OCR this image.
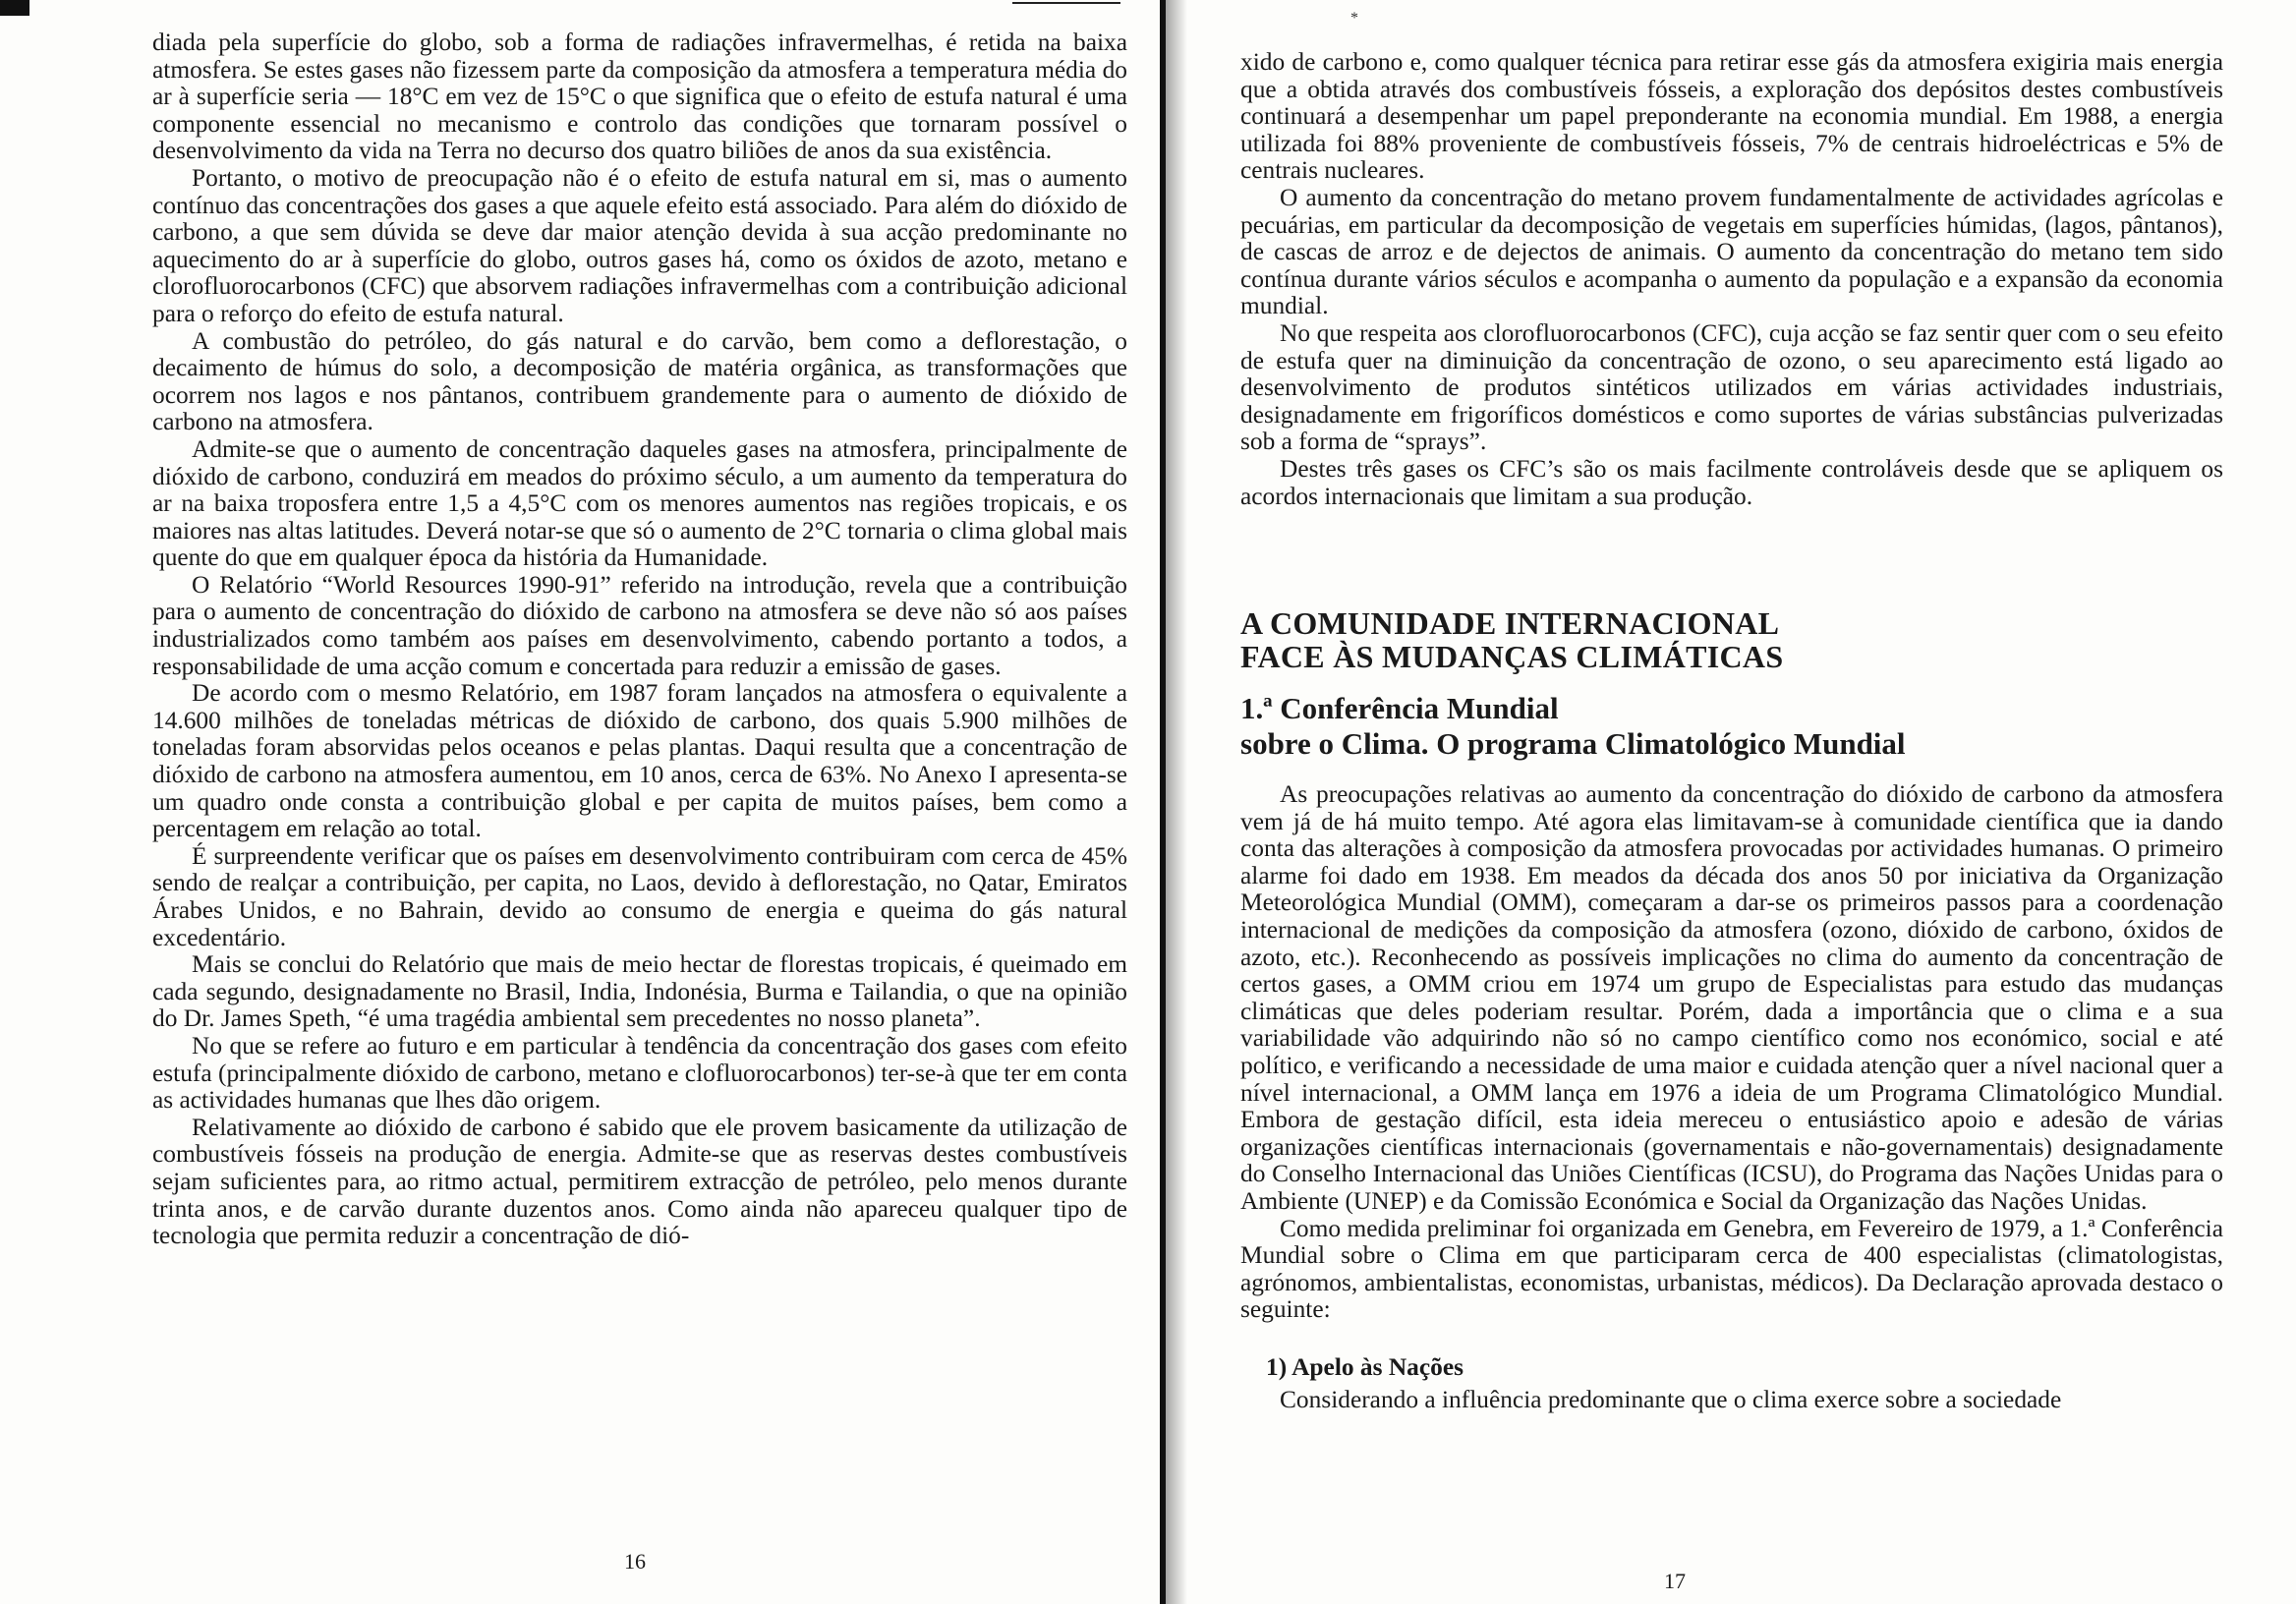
*

diada pela superfície do globo, sob a forma de radiações infravermelhas, é retida na baixa atmosfera. Se estes gases não fizessem parte da composição da atmosfera a temperatura média do ar à superfície seria — 18°C em vez de 15°C o que significa que o efeito de estufa natural é uma componente essencial no mecanismo e controlo das condições que tornaram possível o desenvolvimento da vida na Terra no decurso dos quatro biliões de anos da sua existência.

Portanto, o motivo de preocupação não é o efeito de estufa natural em si, mas o aumento contínuo das concentrações dos gases a que aquele efeito está associado. Para além do dióxido de carbono, a que sem dúvida se deve dar maior atenção devida à sua acção predominante no aquecimento do ar à superfície do globo, outros gases há, como os óxidos de azoto, metano e clorofluorocarbonos (CFC) que absorvem radiações infravermelhas com a contribuição adicional para o reforço do efeito de estufa natural.

A combustão do petróleo, do gás natural e do carvão, bem como a deflorestação, o decaimento de húmus do solo, a decomposição de matéria orgânica, as transformações que ocorrem nos lagos e nos pântanos, contribuem grandemente para o aumento de dióxido de carbono na atmosfera.

Admite-se que o aumento de concentração daqueles gases na atmosfera, principalmente de dióxido de carbono, conduzirá em meados do próximo século, a um aumento da temperatura do ar na baixa troposfera entre 1,5 a 4,5°C com os menores aumentos nas regiões tropicais, e os maiores nas altas latitudes. Deverá notar-se que só o aumento de 2°C tornaria o clima global mais quente do que em qualquer época da história da Humanidade.

O Relatório “World Resources 1990-91” referido na introdução, revela que a contribuição para o aumento de concentração do dióxido de carbono na atmosfera se deve não só aos países industrializados como também aos países em desenvolvimento, cabendo portanto a todos, a responsabilidade de uma acção comum e concertada para reduzir a emissão de gases.

De acordo com o mesmo Relatório, em 1987 foram lançados na atmosfera o equivalente a 14.600 milhões de toneladas métricas de dióxido de carbono, dos quais 5.900 milhões de toneladas foram absorvidas pelos oceanos e pelas plantas. Daqui resulta que a concentração de dióxido de carbono na atmosfera aumentou, em 10 anos, cerca de 63%. No Anexo I apresenta-se um quadro onde consta a contribuição global e per capita de muitos países, bem como a percentagem em relação ao total.

É surpreendente verificar que os países em desenvolvimento contribuiram com cerca de 45% sendo de realçar a contribuição, per capita, no Laos, devido à deflorestação, no Qatar, Emiratos Árabes Unidos, e no Bahrain, devido ao consumo de energia e queima do gás natural excedentário.

Mais se conclui do Relatório que mais de meio hectar de florestas tropicais, é queimado em cada segundo, designadamente no Brasil, India, Indonésia, Burma e Tailandia, o que na opinião do Dr. James Speth, “é uma tragédia ambiental sem precedentes no nosso planeta”.

No que se refere ao futuro e em particular à tendência da concentração dos gases com efeito estufa (principalmente dióxido de carbono, metano e clofluorocarbonos) ter-se-à que ter em conta as actividades humanas que lhes dão origem.

Relativamente ao dióxido de carbono é sabido que ele provem basicamente da utilização de combustíveis fósseis na produção de energia. Admite-se que as reservas destes combustíveis sejam suficientes para, ao ritmo actual, permitirem extracção de petróleo, pelo menos durante trinta anos, e de carvão durante duzentos anos. Como ainda não apareceu qualquer tipo de tecnologia que permita reduzir a concentração de dió-

16

xido de carbono e, como qualquer técnica para retirar esse gás da atmosfera exigiria mais energia que a obtida através dos combustíveis fósseis, a exploração dos depósitos destes combustíveis continuará a desempenhar um papel preponderante na economia mundial. Em 1988, a energia utilizada foi 88% proveniente de combustíveis fósseis, 7% de centrais hidroeléctricas e 5% de centrais nucleares.

O aumento da concentração do metano provem fundamentalmente de actividades agrícolas e pecuárias, em particular da decomposição de vegetais em superfícies húmidas, (lagos, pântanos), de cascas de arroz e de dejectos de animais. O aumento da concentração do metano tem sido contínua durante vários séculos e acompanha o aumento da população e a expansão da economia mundial.

No que respeita aos clorofluorocarbonos (CFC), cuja acção se faz sentir quer com o seu efeito de estufa quer na diminuição da concentração de ozono, o seu aparecimento está ligado ao desenvolvimento de produtos sintéticos utilizados em várias actividades industriais, designadamente em frigoríficos domésticos e como suportes de várias substâncias pulverizadas sob a forma de “sprays”.

Destes três gases os CFC’s são os mais facilmente controláveis desde que se apliquem os acordos internacionais que limitam a sua produção.

A COMUNIDADE INTERNACIONAL
FACE ÀS MUDANÇAS CLIMÁTICAS
1.ª Conferência Mundial
sobre o Clima. O programa Climatológico Mundial

As preocupações relativas ao aumento da concentração do dióxido de carbono da atmosfera vem já de há muito tempo. Até agora elas limitavam-se à comunidade científica que ia dando conta das alterações à composição da atmosfera provocadas por actividades humanas. O primeiro alarme foi dado em 1938. Em meados da década dos anos 50 por iniciativa da Organização Meteorológica Mundial (OMM), começaram a dar-se os primeiros passos para a coordenação internacional de medições da composição da atmosfera (ozono, dióxido de carbono, óxidos de azoto, etc.). Reconhecendo as possíveis implicações no clima do aumento da concentração de certos gases, a OMM criou em 1974 um grupo de Especialistas para estudo das mudanças climáticas que deles poderiam resultar. Porém, dada a importância que o clima e a sua variabilidade vão adquirindo não só no campo científico como nos económico, social e até político, e verificando a necessidade de uma maior e cuidada atenção quer a nível nacional quer a nível internacional, a OMM lança em 1976 a ideia de um Programa Climatológico Mundial. Embora de gestação difícil, esta ideia mereceu o entusiástico apoio e adesão de várias organizações científicas internacionais (governamentais e não-governamentais) designadamente do Conselho Internacional das Uniões Científicas (ICSU), do Programa das Nações Unidas para o Ambiente (UNEP) e da Comissão Económica e Social da Organização das Nações Unidas.

Como medida preliminar foi organizada em Genebra, em Fevereiro de 1979, a 1.ª Conferência Mundial sobre o Clima em que participaram cerca de 400 especialistas (climatologistas, agrónomos, ambientalistas, economistas, urbanistas, médicos). Da Declaração aprovada destaco o seguinte:

1) Apelo às Nações

Considerando a influência predominante que o clima exerce sobre a sociedade

17
